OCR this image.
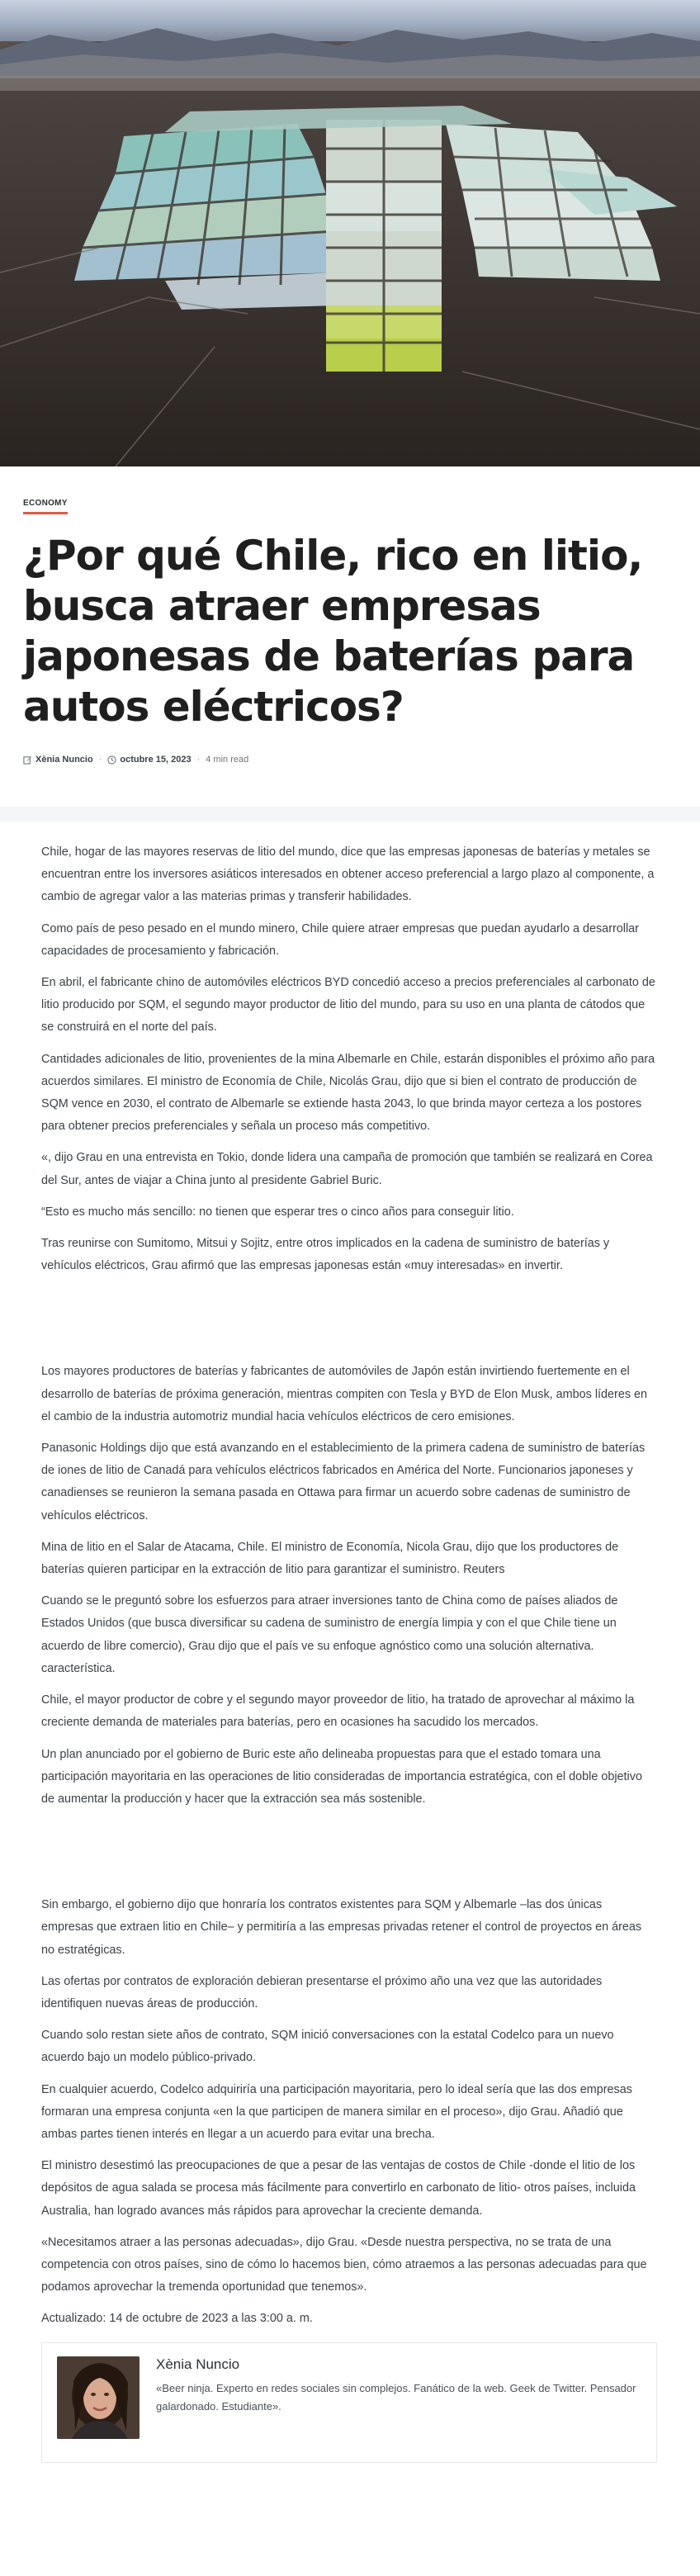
ECONOMY
¿Por qué Chile, rico en litio, busca atraer empresas japonesas de baterías para autos eléctricos?
Xènia Nuncio · octubre 15, 2023 · 4 min read

Chile, hogar de las mayores reservas de litio del mundo, dice que las empresas japonesas de baterías y metales se encuentran entre los inversores asiáticos interesados en obtener acceso preferencial a largo plazo al componente, a cambio de agregar valor a las materias primas y transferir habilidades.

Como país de peso pesado en el mundo minero, Chile quiere atraer empresas que puedan ayudarlo a desarrollar capacidades de procesamiento y fabricación.

En abril, el fabricante chino de automóviles eléctricos BYD concedió acceso a precios preferenciales al carbonato de litio producido por SQM, el segundo mayor productor de litio del mundo, para su uso en una planta de cátodos que se construirá en el norte del país.

Cantidades adicionales de litio, provenientes de la mina Albemarle en Chile, estarán disponibles el próximo año para acuerdos similares. El ministro de Economía de Chile, Nicolás Grau, dijo que si bien el contrato de producción de SQM vence en 2030, el contrato de Albemarle se extiende hasta 2043, lo que brinda mayor certeza a los postores para obtener precios preferenciales y señala un proceso más competitivo.

«, dijo Grau en una entrevista en Tokio, donde lidera una campaña de promoción que también se realizará en Corea del Sur, antes de viajar a China junto al presidente Gabriel Buric.

“Esto es mucho más sencillo: no tienen que esperar tres o cinco años para conseguir litio.

Tras reunirse con Sumitomo, Mitsui y Sojitz, entre otros implicados en la cadena de suministro de baterías y vehículos eléctricos, Grau afirmó que las empresas japonesas están «muy interesadas» en invertir.

Los mayores productores de baterías y fabricantes de automóviles de Japón están invirtiendo fuertemente en el desarrollo de baterías de próxima generación, mientras compiten con Tesla y BYD de Elon Musk, ambos líderes en el cambio de la industria automotriz mundial hacia vehículos eléctricos de cero emisiones.

Panasonic Holdings dijo que está avanzando en el establecimiento de la primera cadena de suministro de baterías de iones de litio de Canadá para vehículos eléctricos fabricados en América del Norte. Funcionarios japoneses y canadienses se reunieron la semana pasada en Ottawa para firmar un acuerdo sobre cadenas de suministro de vehículos eléctricos.

Mina de litio en el Salar de Atacama, Chile. El ministro de Economía, Nicola Grau, dijo que los productores de baterías quieren participar en la extracción de litio para garantizar el suministro. Reuters

Cuando se le preguntó sobre los esfuerzos para atraer inversiones tanto de China como de países aliados de Estados Unidos (que busca diversificar su cadena de suministro de energía limpia y con el que Chile tiene un acuerdo de libre comercio), Grau dijo que el país ve su enfoque agnóstico como una solución alternativa. característica.

Chile, el mayor productor de cobre y el segundo mayor proveedor de litio, ha tratado de aprovechar al máximo la creciente demanda de materiales para baterías, pero en ocasiones ha sacudido los mercados.

Un plan anunciado por el gobierno de Buric este año delineaba propuestas para que el estado tomara una participación mayoritaria en las operaciones de litio consideradas de importancia estratégica, con el doble objetivo de aumentar la producción y hacer que la extracción sea más sostenible.

Sin embargo, el gobierno dijo que honraría los contratos existentes para SQM y Albemarle –las dos únicas empresas que extraen litio en Chile– y permitiría a las empresas privadas retener el control de proyectos en áreas no estratégicas.

Las ofertas por contratos de exploración debieran presentarse el próximo año una vez que las autoridades identifiquen nuevas áreas de producción.

Cuando solo restan siete años de contrato, SQM inició conversaciones con la estatal Codelco para un nuevo acuerdo bajo un modelo público-privado.

En cualquier acuerdo, Codelco adquiriría una participación mayoritaria, pero lo ideal sería que las dos empresas formaran una empresa conjunta «en la que participen de manera similar en el proceso», dijo Grau. Añadió que ambas partes tienen interés en llegar a un acuerdo para evitar una brecha.

El ministro desestimó las preocupaciones de que a pesar de las ventajas de costos de Chile -donde el litio de los depósitos de agua salada se procesa más fácilmente para convertirlo en carbonato de litio- otros países, incluida Australia, han logrado avances más rápidos para aprovechar la creciente demanda.

«Necesitamos atraer a las personas adecuadas», dijo Grau. «Desde nuestra perspectiva, no se trata de una competencia con otros países, sino de cómo lo hacemos bien, cómo atraemos a las personas adecuadas para que podamos aprovechar la tremenda oportunidad que tenemos».

Actualizado: 14 de octubre de 2023 a las 3:00 a. m.

Xènia Nuncio
«Beer ninja. Experto en redes sociales sin complejos. Fanático de la web. Geek de Twitter. Pensador galardonado. Estudiante».
